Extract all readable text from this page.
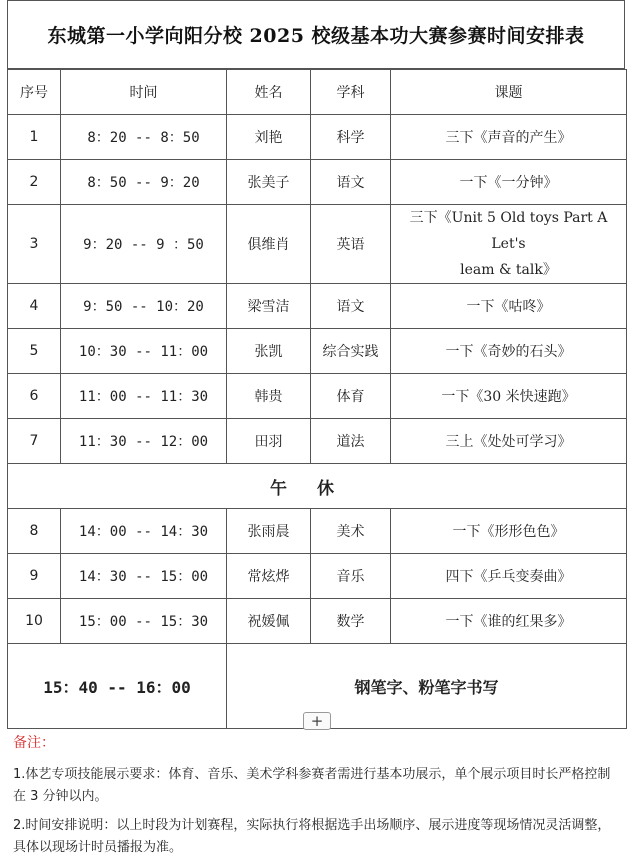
东城第一小学向阳分校 2025 校级基本功大赛参赛时间安排表
序号	时间	姓名	学科	课题
1	8：20 -- 8：50	刘艳	科学	三下《声音的产生》
2	8：50 -- 9：20	张美子	语文	一下《一分钟》
3	9：20 -- 9 ：50	俱维肖	英语	三下《Unit 5 Old toys Part A Let's
leam & talk》

4	9：50 -- 10：20	梁雪洁	语文	一下《咕咚》
5	10：30 -- 11：00	张凯	综合实践	一下《奇妙的石头》
6	11：00 -- 11：30	韩贵	体育	一下《30 米快速跑》
7	11：30 -- 12：00	田羽	道法	三上《处处可学习》
午休				
8	14：00 -- 14：30	张雨晨	美术	一下《形形色色》
9	14：30 -- 15：00	常炫烨	音乐	四下《乒乓变奏曲》
10	15：00 -- 15：30	祝媛佩	数学	一下《谁的红果多》
15：40 -- 16：00		钢笔字、粉笔字书写		
+
备注：

1.体艺专项技能展示要求：体育、音乐、美术学科参赛者需进行基本功展示，单个展示项目时长严格控制在 3 分钟以内。

2.时间安排说明：以上时段为计划赛程，实际执行将根据选手出场顺序、展示进度等现场情况灵活调整，具体以现场计时员播报为准。
